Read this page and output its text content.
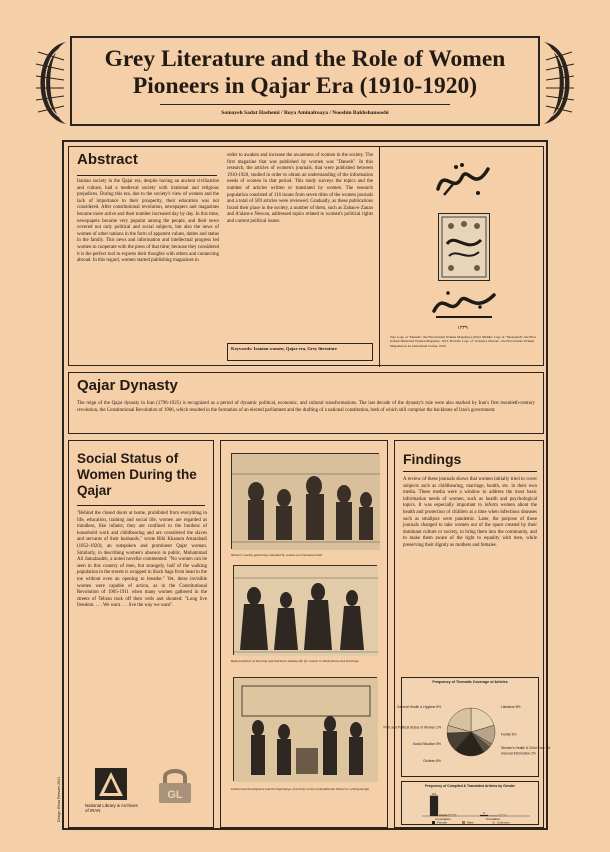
Grey Literature and the Role of Women Pioneers in Qajar Era (1910-1920)
Somayeh Sadat Hashemi / Roya Aminalroaya / Nooshin Bakhshanooshi
Abstract
Iranian society in the Qajar era, despite having an ancient civilization and culture, had a medieval society with irrational and religious prejudices. During this era, due to the society's view of women and the lack of importance to their prosperity, their education was not considered. After constitutional revolution, newspapers and magazines became more active and their number increased day by day. In this time, newspapers became very popular among the people, and their news covered not only political and social subjects, but also the news of women of other nations in the form of apparent values, duties and status in the family. This news and information and intellectual progress led women to cooperate with the press of that time; because they considered it is the perfect tool to express their thoughts with others and connecting abroad. In this regard, women started publishing magazines in
order to awaken and increase the awareness of women in the society. The first magazine that was published by women was "Danesh". In this research, the articles of women's journals, that were published between 1910-1920, studied in order to obtain an understanding of the information needs of women in that period. This study surveys the topics and the number of articles written or translated by women. The research population consisted of 116 issues from seven titles of the women journals and a total of 569 articles were reviewed. Gradually, as these publications found their place in the society, a number of them, such as Zaban-e Zanan and A'alam-e Nesvan, addressed topics related to women's political rights and current political issues.
Keywords: Iranian women, Qajar era, Grey literature
۱۳۳۹
Top: Logo of "Danesh", the First Iranian Women Magazine (1910); Middle: Logo of "Shokoufeh", the First Iranian Illustrated Women Magazine, 1913; Bottom: Logo of "A'alam-e Nesvan", the First Iranian Women Magazine in its educational format, 1920
Qajar Dynasty
The reign of the Qajar dynasty in Iran (1796-1925) is recognized as a period of dynamic political, economic, and cultural transformations. The last decade of the dynasty's rule were also marked by Iran's first twentieth-century revolution, the Constitutional Revolution of 1906, which resulted in the formation of an elected parliament and the drafting of a national constitution, both of which still comprise the backbone of Iran's government.
Social Status of Women During the Qajar
"Behind the closed doors at home, prohibited from everything in life, education, training and social life, women are regarded as mindless, like infants; they are confined to the burdens of household work and childbearing and are considered the slaves and servants of their husbands," wrote Bibi Khanum Astarabadi (1852-1920), an outspoken and prominent Qajar woman. Similarly, in describing women's absence in public, Mohammad Ali Jamalzadeh, a noted novelist commented: "No women can be seen in this country of men, but strangely, half of the walking population in the streets is wrapped in black bags from head to the toe without even an opening to breathe." Yet, these invisible women were capable of action, as in the Constitutional Revolution of 1905-1911 when many women gathered in the streets of Tehran took off their veils and shouted: "Long live freedom. . . . We want . . . live the way we want".
National Library & Archives of IRAN
GL
Design: Elnaz Rezvani 2021
Women's weekly gatherings attended by women at ceremonial halls
Representation of learning and literature-making life for women in illustrations and teachings
Intellectual development and the beginnings of activity on the nontraditional Western's writing design
Findings
A review of these journals shows that women initially tried to cover subjects such as childbearing, marriage, health, etc. in their own media. These media were a window to address the most basic information needs of women, such as health and psychological topics. It was especially important to inform women about the health and protection of children at a time when infectious diseases such as smallpox were pandemic. Later, the purpose of these journals changed to take women out of the space created by their dominant culture or society, to bring them into the community, and to make them aware of the right to equality with men, while preserving their dignity as mothers and females.
Frequency of Thematic Coverage of Articles
Literature 8%
Family 5%
Women's Health & Child Care 1%
General Information 2%
Children 8%
Social Situation 5%
Prof. and Political Status of Women 2%
General Health & Hygiene 8%
Frequency of Compiled & Translated Articles by Gender
Compilation
101
Translation
5
Female	Male	Unknown
